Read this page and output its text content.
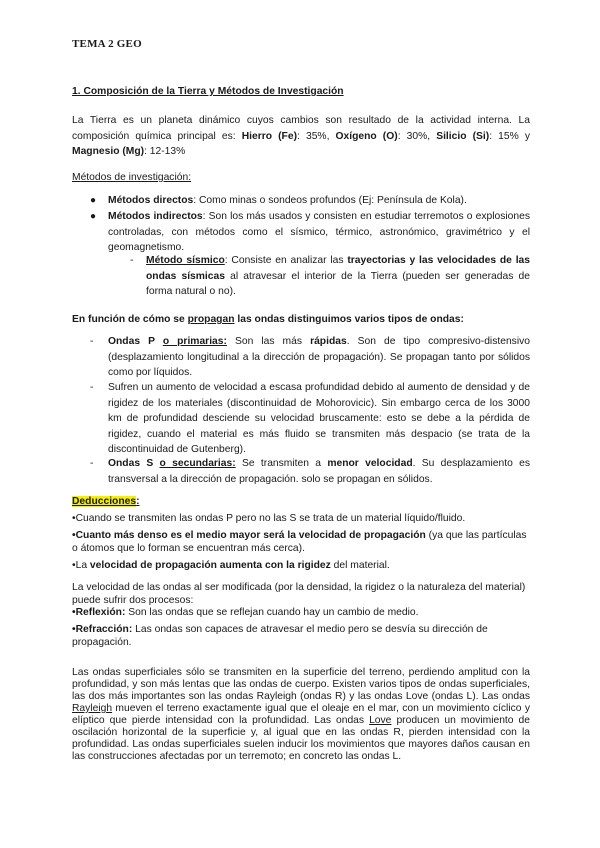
TEMA 2 GEO
1. Composición de la Tierra y Métodos de Investigación
La Tierra es un planeta dinámico cuyos cambios son resultado de la actividad interna. La composición química principal es: Hierro (Fe): 35%, Oxígeno (O): 30%, Silicio (Si): 15% y Magnesio (Mg): 12-13%
Métodos de investigación:
● Métodos directos: Como minas o sondeos profundos (Ej: Península de Kola).
● Métodos indirectos: Son los más usados y consisten en estudiar terremotos o explosiones controladas, con métodos como el sísmico, térmico, astronómico, gravimétrico y el geomagnetismo.
- Método sísmico: Consiste en analizar las trayectorias y las velocidades de las ondas sísmicas al atravesar el interior de la Tierra (pueden ser generadas de forma natural o no).
En función de cómo se propagan las ondas distinguimos varios tipos de ondas:
- Ondas P o primarias: Son las más rápidas. Son de tipo compresivo-distensivo (desplazamiento longitudinal a la dirección de propagación). Se propagan tanto por sólidos como por líquidos.
- Sufren un aumento de velocidad a escasa profundidad debido al aumento de densidad y de rigidez de los materiales (discontinuidad de Mohorovicic). Sin embargo cerca de los 3000 km de profundidad desciende su velocidad bruscamente: esto se debe a la pérdida de rigidez, cuando el material es más fluido se transmiten más despacio (se trata de la discontinuidad de Gutenberg).
- Ondas S o secundarias: Se transmiten a menor velocidad. Su desplazamiento es transversal a la dirección de propagación. solo se propagan en sólidos.
Deducciones:
•Cuando se transmiten las ondas P pero no las S se trata de un material líquido/fluido.
•Cuanto más denso es el medio mayor será la velocidad de propagación (ya que las partículas o átomos que lo forman se encuentran más cerca).
•La velocidad de propagación aumenta con la rigidez del material.
La velocidad de las ondas al ser modificada (por la densidad, la rigidez o la naturaleza del material) puede sufrir dos procesos:
•Reflexión: Son las ondas que se reflejan cuando hay un cambio de medio.
•Refracción: Las ondas son capaces de atravesar el medio pero se desvía su dirección de propagación.
Las ondas superficiales sólo se transmiten en la superficie del terreno, perdiendo amplitud con la profundidad, y son más lentas que las ondas de cuerpo. Existen varios tipos de ondas superficiales, las dos más importantes son las ondas Rayleigh (ondas R) y las ondas Love (ondas L). Las ondas Rayleigh mueven el terreno exactamente igual que el oleaje en el mar, con un movimiento cíclico y elíptico que pierde intensidad con la profundidad. Las ondas Love producen un movimiento de oscilación horizontal de la superficie y, al igual que en las ondas R, pierden intensidad con la profundidad. Las ondas superficiales suelen inducir los movimientos que mayores daños causan en las construcciones afectadas por un terremoto; en concreto las ondas L.
